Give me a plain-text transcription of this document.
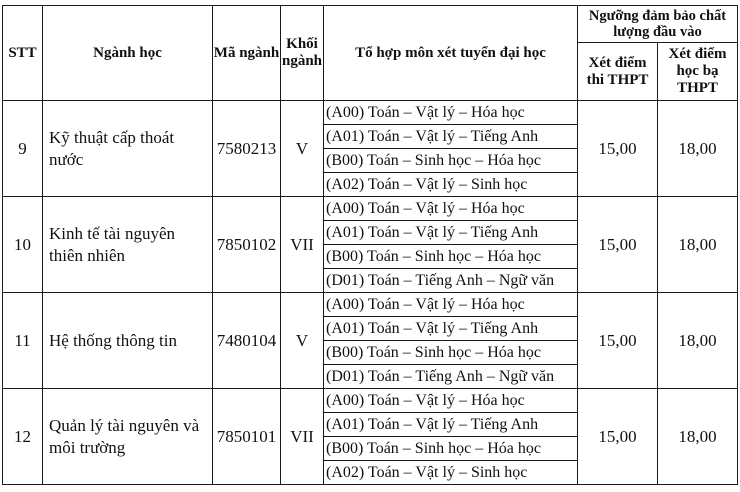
STT	Ngành học	Mã ngành	Khối ngành	Tổ hợp môn xét tuyển đại học	Ngưỡng đảm bảo chất lượng đầu vào	
					Xét điểm thi THPT	Xét điểm học bạ THPT
9	Kỹ thuật cấp thoát nước	7580213	V	(A00) Toán – Vật lý – Hóa học	15,00	18,00
				(A01) Toán – Vật lý – Tiếng Anh		
				(B00) Toán – Sinh học – Hóa học		
				(A02) Toán – Vật lý – Sinh học		
10	Kinh tế tài nguyên thiên nhiên	7850102	VII	(A00) Toán – Vật lý – Hóa học	15,00	18,00
				(A01) Toán – Vật lý – Tiếng Anh		
				(B00) Toán – Sinh học – Hóa học		
				(D01) Toán – Tiếng Anh – Ngữ văn		
11	Hệ thống thông tin	7480104	V	(A00) Toán – Vật lý – Hóa học	15,00	18,00
				(A01) Toán – Vật lý – Tiếng Anh		
				(B00) Toán – Sinh học – Hóa học		
				(D01) Toán – Tiếng Anh – Ngữ văn		
12	Quản lý tài nguyên và môi trường	7850101	VII	(A00) Toán – Vật lý – Hóa học	15,00	18,00
				(A01) Toán – Vật lý – Tiếng Anh		
				(B00) Toán – Sinh học – Hóa học		
				(A02) Toán – Vật lý – Sinh học		
